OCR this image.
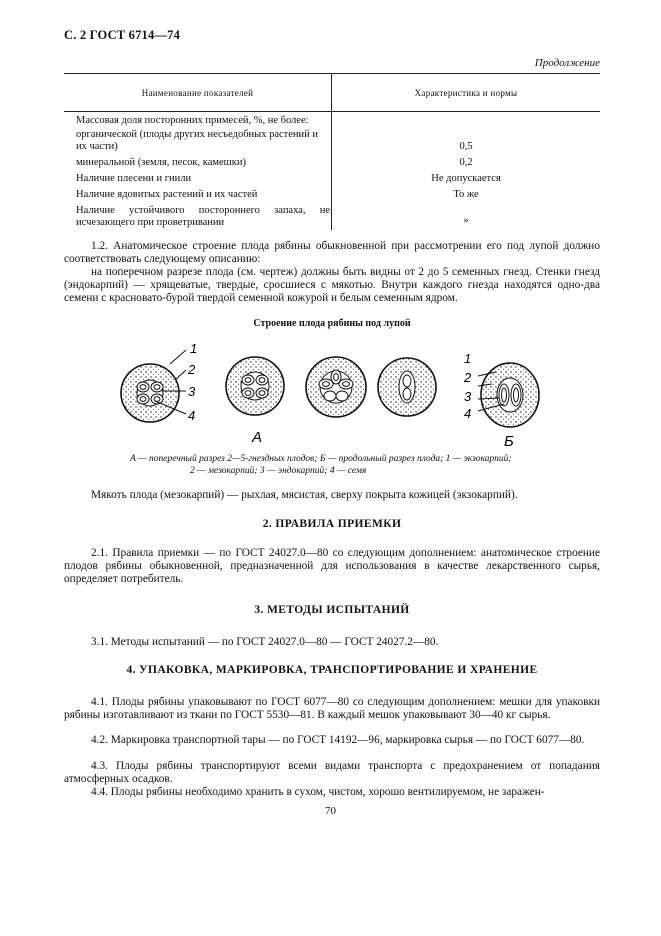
С. 2 ГОСТ 6714—74
Продолжение
Наименование показателей	Характеристика и нормы
Массовая доля посторонних примесей, %, не более:
органической (плоды других несъедобных растений и их части)	0,5
минеральной (земля, песок, камешки)	0,2
Наличие плесени и гнили	Не допускается
Наличие ядовитых растений и их частей	То же
Наличие устойчивого постороннего запаха, не исчезающего при проветривании	»
1.2. Анатомическое строение плода рябины обыкновенной при рассмотрении его под лупой должно соответствовать следующему описанию:
на поперечном разрезе плода (см. чертеж) должны быть видны от 2 до 5 семенных гнезд. Стенки гнезд (эндокарпий) — хрящеватые, твердые, сросшиеся с мякотью. Внутри каждого гнезда находятся одно-два семени с красновато-бурой твердой семенной кожурой и белым семенным ядром.
Строение плода рябины под лупой
1
2
3
4
1
2
3
4
А	Б
А — поперечный разрез 2—5-гнездных плодов; Б — продольный разрез плода; 1 — экзокарпий;
2 — мезокарпий; 3 — эндокарпий; 4 — семя
Мякоть плода (мезокарпий) — рыхлая, мясистая, сверху покрыта кожицей (экзокарпий).
2. ПРАВИЛА ПРИЕМКИ
2.1. Правила приемки — по ГОСТ 24027.0—80 со следующим дополнением: анатомическое строение плодов рябины обыкновенной, предназначенной для использования в качестве лекарственного сырья, определяет потребитель.
3. МЕТОДЫ ИСПЫТАНИЙ
3.1. Методы испытаний — по ГОСТ 24027.0—80 — ГОСТ 24027.2—80.
4. УПАКОВКА, МАРКИРОВКА, ТРАНСПОРТИРОВАНИЕ И ХРАНЕНИЕ
4.1. Плоды рябины упаковывают по ГОСТ 6077—80 со следующим дополнением: мешки для упаковки рябины изготавливают из ткани по ГОСТ 5530—81. В каждый мешок упаковывают 30—40 кг сырья.
4.2. Маркировка транспортной тары — по ГОСТ 14192—96, маркировка сырья — по ГОСТ 6077—80.
4.3. Плоды рябины транспортируют всеми видами транспорта с предохранением от попадания атмосферных осадков.
4.4. Плоды рябины необходимо хранить в сухом, чистом, хорошо вентилируемом, не заражен-
70
